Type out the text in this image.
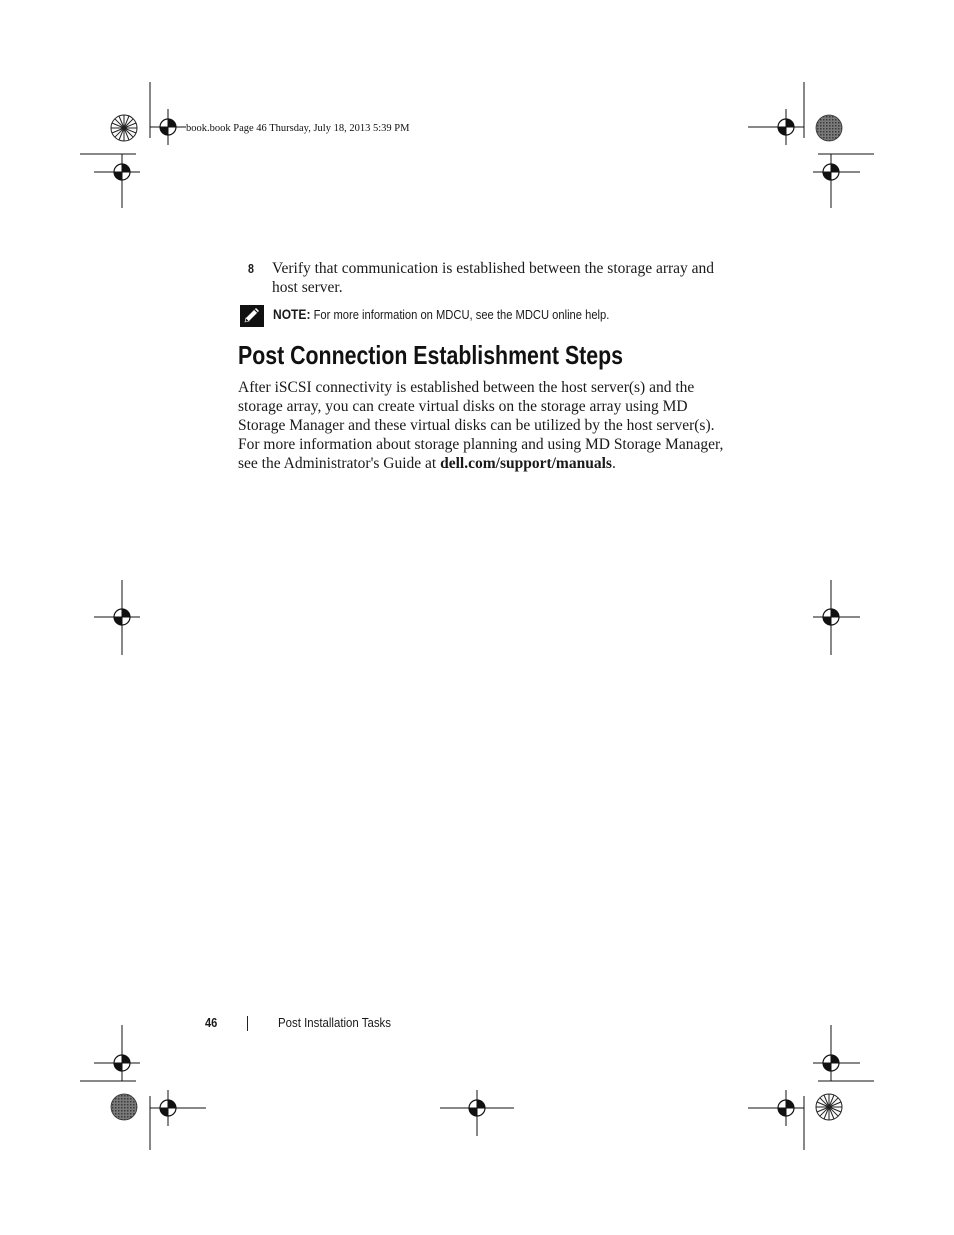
book.book Page 46 Thursday, July 18, 2013 5:39 PM
8 Verify that communication is established between the storage array and host server.
NOTE: For more information on MDCU, see the MDCU online help.
Post Connection Establishment Steps

After iSCSI connectivity is established between the host server(s) and the storage array, you can create virtual disks on the storage array using MD Storage Manager and these virtual disks can be utilized by the host server(s). For more information about storage planning and using MD Storage Manager, see the Administrator's Guide at dell.com/support/manuals.

46	Post Installation Tasks
